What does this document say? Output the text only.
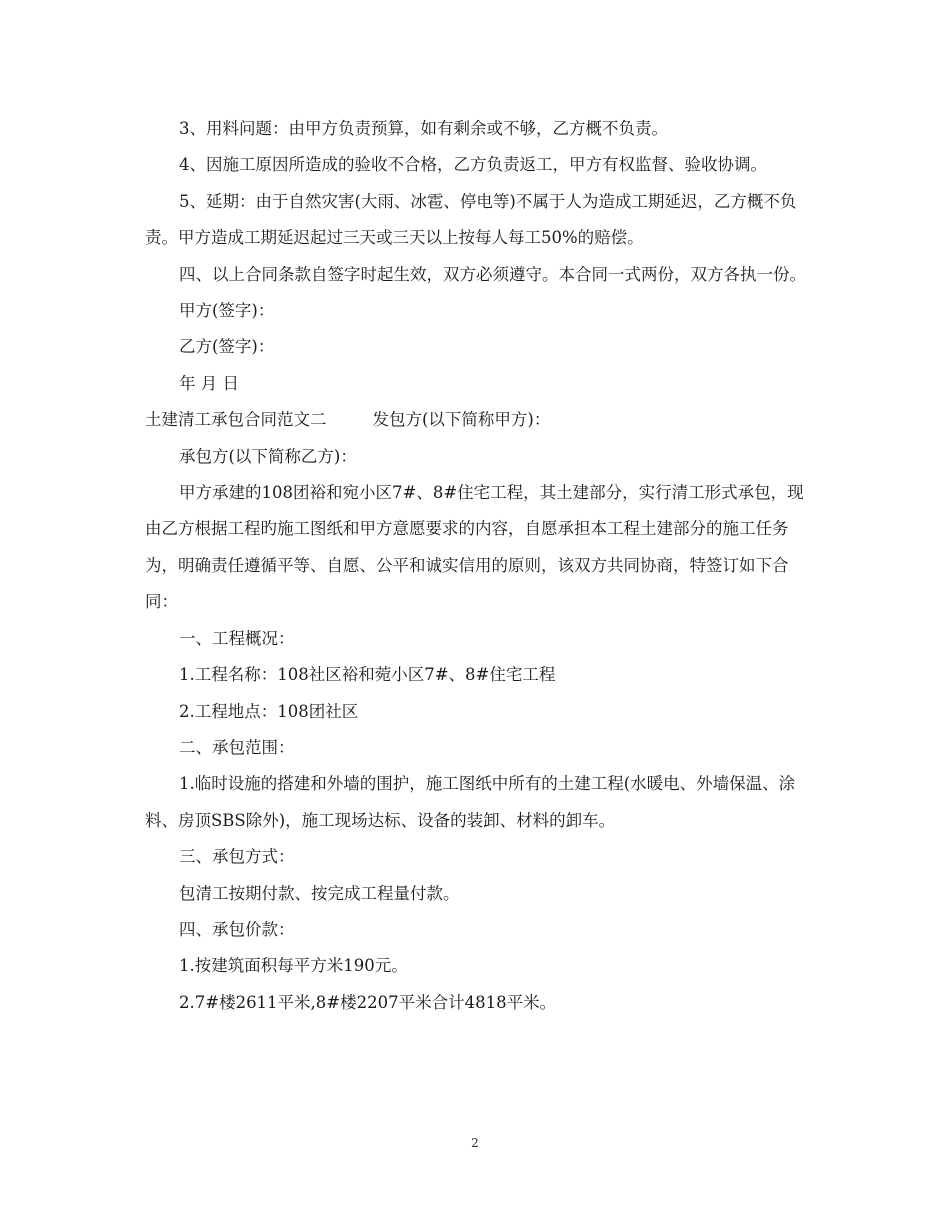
3、用料问题：由甲方负责预算，如有剩余或不够，乙方概不负责。

4、因施工原因所造成的验收不合格，乙方负责返工，甲方有权监督、验收协调。

5、延期：由于自然灾害(大雨、冰雹、停电等)不属于人为造成工期延迟，乙方概不负责。甲方造成工期延迟起过三天或三天以上按每人每工50%的赔偿。

四、以上合同条款自签字时起生效，双方必须遵守。本合同一式两份，双方各执一份。

甲方(签字)：

乙方(签字)：

年 月 日

土建清工承包合同范文二	发包方(以下简称甲方)：

承包方(以下简称乙方)：

甲方承建的108团裕和宛小区7#、8#住宅工程，其土建部分，实行清工形式承包，现由乙方根据工程旳施工图纸和甲方意愿要求的内容，自愿承担本工程土建部分的施工任务为，明确责任遵循平等、自愿、公平和诚实信用的原则，该双方共同协商，特签订如下合同：

一、工程概况：

1.工程名称：108社区裕和菀小区7#、8#住宅工程

2.工程地点：108团社区

二、承包范围：

1.临时设施的搭建和外墙的围护，施工图纸中所有的土建工程(水暖电、外墙保温、涂料、房顶SBS除外)，施工现场达标、设备的装卸、材料的卸车。

三、承包方式：

包清工按期付款、按完成工程量付款。

四、承包价款：

1.按建筑面积每平方米190元。

2.7#楼2611平米,8#楼2207平米合计4818平米。

2
